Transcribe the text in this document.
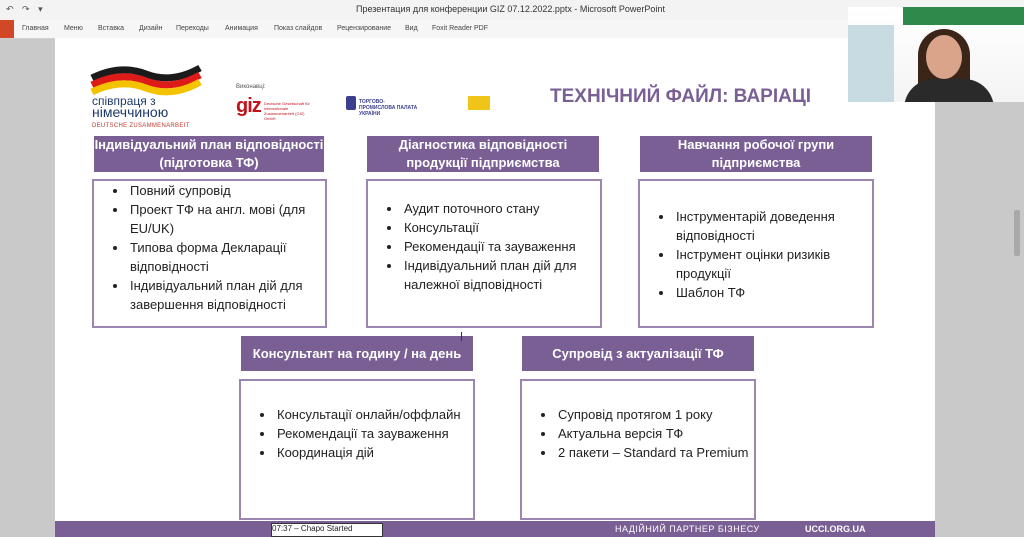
↶ ↷ ▾	Презентация для конференции GIZ 07.12.2022.pptx - Microsoft PowerPoint
Главная Меню Вставка Дизайн Переходы Анимация Показ слайдов Рецензирование Вид Foxit Reader PDF
співпраця з
німеччиною
DEUTSCHE ZUSAMMENARBEIT
Виконавці:
giz Deutsche Gesellschaft für Internationale Zusammenarbeit (GIZ) GmbH
ТОРГОВО-ПРОМИСЛОВА ПАЛАТА УКРАЇНИ
ТЕХНІЧНИЙ ФАЙЛ: ВАРІАЦІ
Індивідуальний план відповідності (підготовка ТФ)
• Повний супровід
• Проект ТФ на англ. мові (для EU/UK)
• Типова форма Декларації відповідності
• Індивідуальний план дій для завершення відповідності
Діагностика відповідності продукції підприємства
• Аудит поточного стану
• Консультації
• Рекомендації та зауваження
• Індивідуальний план дій для належної відповідності
Навчання робочої групи підприємства
• Інструментарій доведення відповідності
• Інструмент оцінки ризиків продукції
• Шаблон ТФ
Консультант на годину / на день
• Консультації онлайн/оффлайн
• Рекомендації та зауваження
• Координація дій
Супровід з актуалізації ТФ
• Супровід протягом 1 року
• Актуальна версія ТФ
• 2 пакети – Standard та Premium
07:37 – Chapo Started	НАДІЙНИЙ ПАРТНЕР БІЗНЕСУ	UCCI.ORG.UA
